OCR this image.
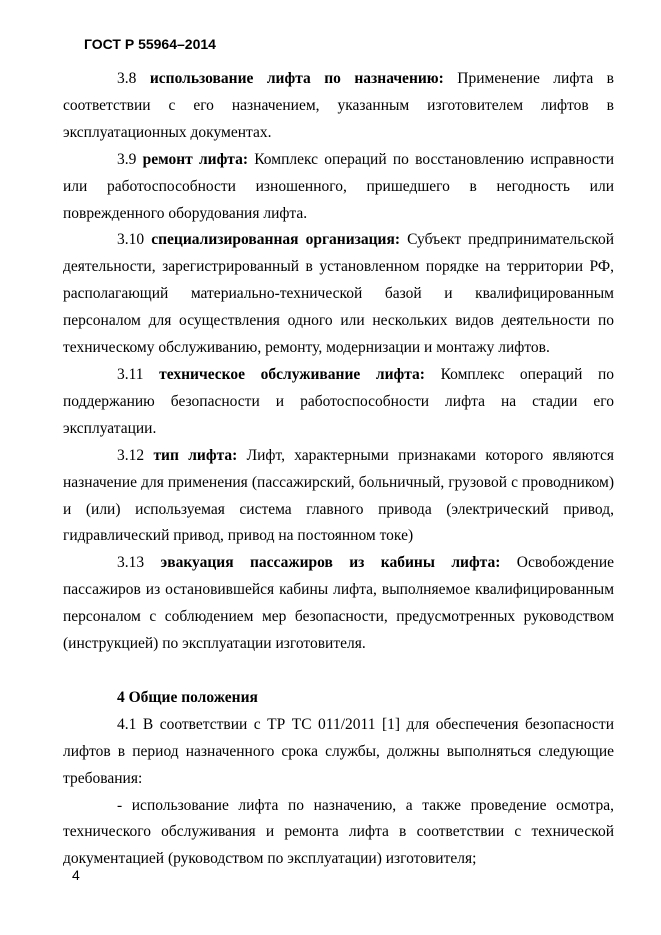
ГОСТ Р 55964–2014

3.8 использование лифта по назначению: Применение лифта в соответствии с его назначением, указанным изготовителем лифтов в эксплуатационных документах.

3.9 ремонт лифта: Комплекс операций по восстановлению исправности или работоспособности изношенного, пришедшего в негодность или поврежденного оборудования лифта.

3.10 специализированная организация: Субъект предпринимательской деятельности, зарегистрированный в установленном порядке на территории РФ, располагающий материально-технической базой и квалифицированным персоналом для осуществления одного или нескольких видов деятельности по техническому обслуживанию, ремонту, модернизации и монтажу лифтов.

3.11 техническое обслуживание лифта: Комплекс операций по поддержанию безопасности и работоспособности лифта на стадии его эксплуатации.

3.12 тип лифта: Лифт, характерными признаками которого являются назначение для применения (пассажирский, больничный, грузовой с проводником) и (или) используемая система главного привода (электрический привод, гидравлический привод, привод на постоянном токе)

3.13 эвакуация пассажиров из кабины лифта: Освобождение пассажиров из остановившейся кабины лифта, выполняемое квалифицированным персоналом с соблюдением мер безопасности, предусмотренных руководством (инструкцией) по эксплуатации изготовителя.

4 Общие положения

4.1 В соответствии с ТР ТС 011/2011 [1] для обеспечения безопасности лифтов в период назначенного срока службы, должны выполняться следующие требования:

- использование лифта по назначению, а также проведение осмотра, технического обслуживания и ремонта лифта в соответствии с технической документацией (руководством по эксплуатации) изготовителя;

4
